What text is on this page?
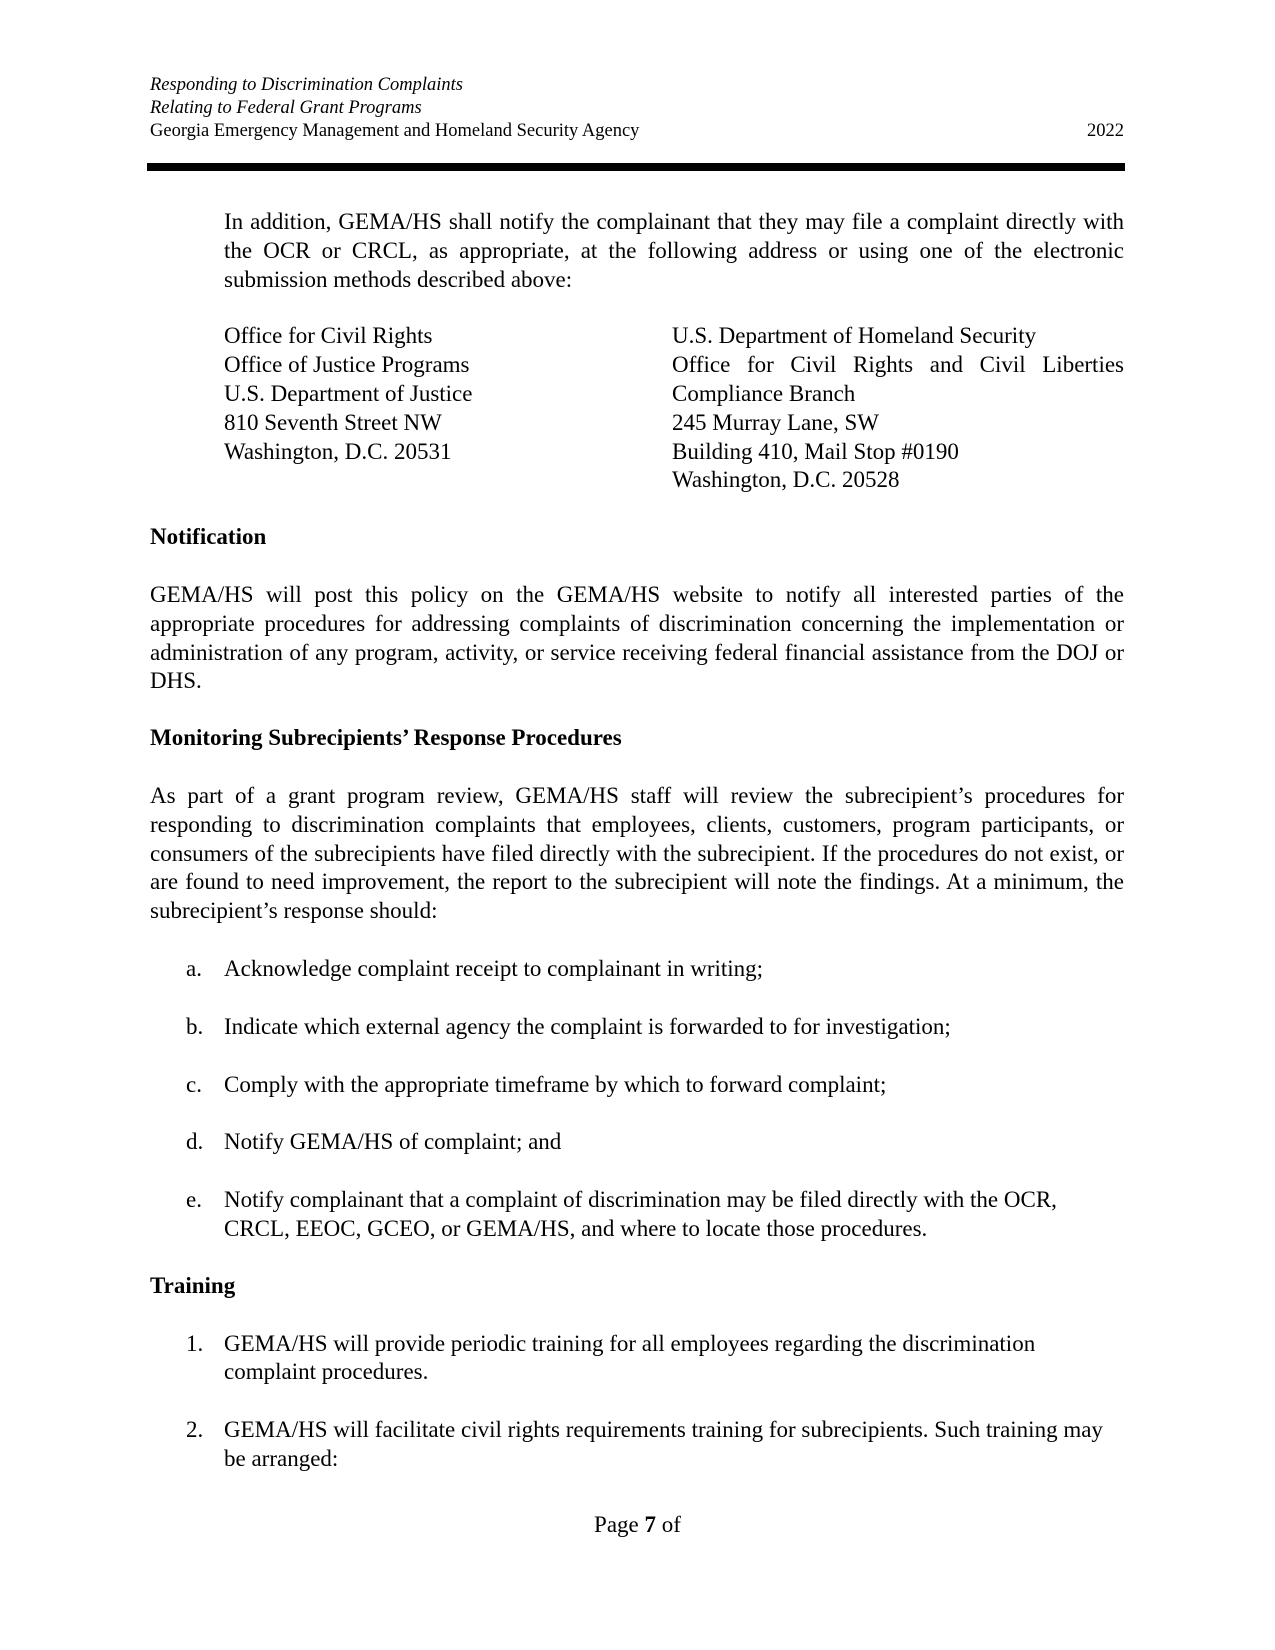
Responding to Discrimination Complaints
Relating to Federal Grant Programs
Georgia Emergency Management and Homeland Security Agency	2022

In addition, GEMA/HS shall notify the complainant that they may file a complaint directly with the OCR or CRCL, as appropriate, at the following address or using one of the electronic submission methods described above:

Office for Civil Rights
Office of Justice Programs
U.S. Department of Justice
810 Seventh Street NW
Washington, D.C. 20531
U.S. Department of Homeland Security
Office for Civil Rights and Civil Liberties
Compliance Branch
245 Murray Lane, SW
Building 410, Mail Stop #0190
Washington, D.C. 20528
Notification

GEMA/HS will post this policy on the GEMA/HS website to notify all interested parties of the appropriate procedures for addressing complaints of discrimination concerning the implementation or administration of any program, activity, or service receiving federal financial assistance from the DOJ or DHS.

Monitoring Subrecipients’ Response Procedures

As part of a grant program review, GEMA/HS staff will review the subrecipient’s procedures for responding to discrimination complaints that employees, clients, customers, program participants, or consumers of the subrecipients have filed directly with the subrecipient. If the procedures do not exist, or are found to need improvement, the report to the subrecipient will note the findings. At a minimum, the subrecipient’s response should:

a. Acknowledge complaint receipt to complainant in writing;
b. Indicate which external agency the complaint is forwarded to for investigation;
c. Comply with the appropriate timeframe by which to forward complaint;
d. Notify GEMA/HS of complaint; and
e. Notify complainant that a complaint of discrimination may be filed directly with the OCR, CRCL, EEOC, GCEO, or GEMA/HS, and where to locate those procedures.
Training
1. GEMA/HS will provide periodic training for all employees regarding the discrimination complaint procedures.
2. GEMA/HS will facilitate civil rights requirements training for subrecipients. Such training may be arranged:
Page 7 of
